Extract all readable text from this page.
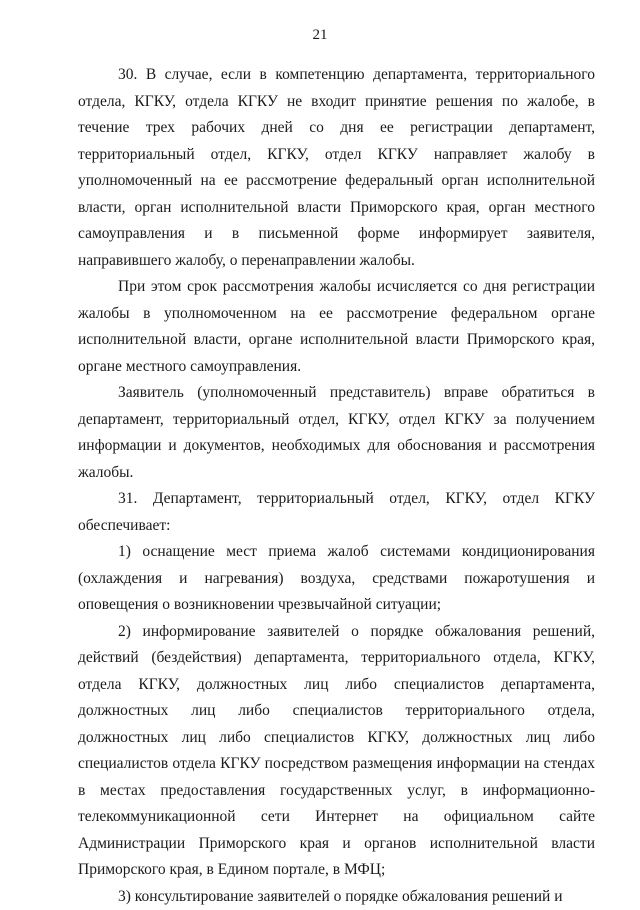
21

30. В случае, если в компетенцию департамента, территориального отдела, КГКУ, отдела КГКУ не входит принятие решения по жалобе, в течение трех рабочих дней со дня ее регистрации департамент, территориальный отдел, КГКУ, отдел КГКУ направляет жалобу в уполномоченный на ее рассмотрение федеральный орган исполнительной власти, орган исполнительной власти Приморского края, орган местного самоуправления и в письменной форме информирует заявителя, направившего жалобу, о перенаправлении жалобы.

При этом срок рассмотрения жалобы исчисляется со дня регистрации жалобы в уполномоченном на ее рассмотрение федеральном органе исполнительной власти, органе исполнительной власти Приморского края, органе местного самоуправления.

Заявитель (уполномоченный представитель) вправе обратиться в департамент, территориальный отдел, КГКУ, отдел КГКУ за получением информации и документов, необходимых для обоснования и рассмотрения жалобы.

31. Департамент, территориальный отдел, КГКУ, отдел КГКУ обеспечивает:

1) оснащение мест приема жалоб системами кондиционирования (охлаждения и нагревания) воздуха, средствами пожаротушения и оповещения о возникновении чрезвычайной ситуации;

2) информирование заявителей о порядке обжалования решений, действий (бездействия) департамента, территориального отдела, КГКУ, отдела КГКУ, должностных лиц либо специалистов департамента, должностных лиц либо специалистов территориального отдела, должностных лиц либо специалистов КГКУ, должностных лиц либо специалистов отдела КГКУ посредством размещения информации на стендах в местах предоставления государственных услуг, в информационно-телекоммуникационной сети Интернет на официальном сайте Администрации Приморского края и органов исполнительной власти Приморского края, в Едином портале, в МФЦ;

3) консультирование заявителей о порядке обжалования решений и
